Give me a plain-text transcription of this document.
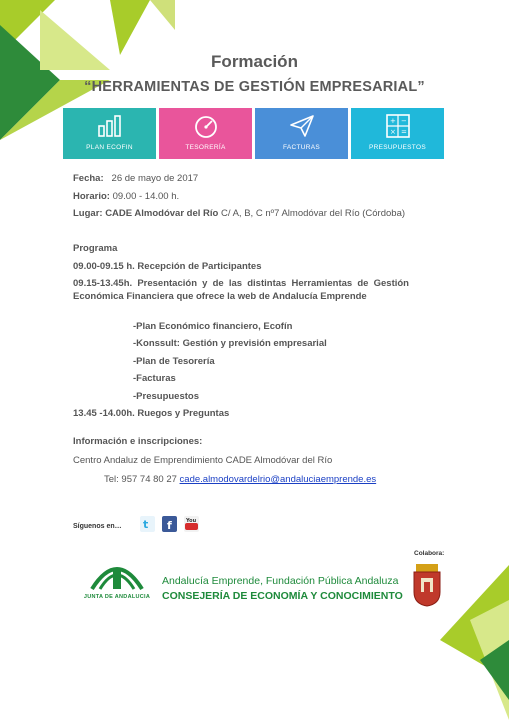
Formación
“HERRAMIENTAS DE GESTIÓN EMPRESARIAL”
PLAN ECOFIN	TESORERÍA	FACTURAS
+ −
× =
PRESUPUESTOS
Fecha: 26 de mayo de 2017
Horario: 09.00 - 14.00 h.
Lugar: CADE Almodóvar del Río C/ A, B, C nº7 Almodóvar del Río (Córdoba)
Programa
09.00-09.15 h. Recepción de Participantes
09.15-13.45h. Presentación y de las distintas Herramientas de Gestión Económica Financiera que ofrece la web de Andalucía Emprende
-Plan Económico financiero, Ecofín
-Konssult: Gestión y previsión empresarial
-Plan de Tesorería
-Facturas
-Presupuestos
13.45 -14.00h. Ruegos y Preguntas
Información e inscripciones:
Centro Andaluz de Emprendimiento CADE Almodóvar del Río
Tel: 957 74 80 27 cade.almodovardelrio@andaluciaemprende.es
Síguenos en… t f	You
JUNTA DE ANDALUCIA
Andalucía Emprende, Fundación Pública Andaluza
CONSEJERÍA DE ECONOMÍA Y CONOCIMIENTO
Colabora:
